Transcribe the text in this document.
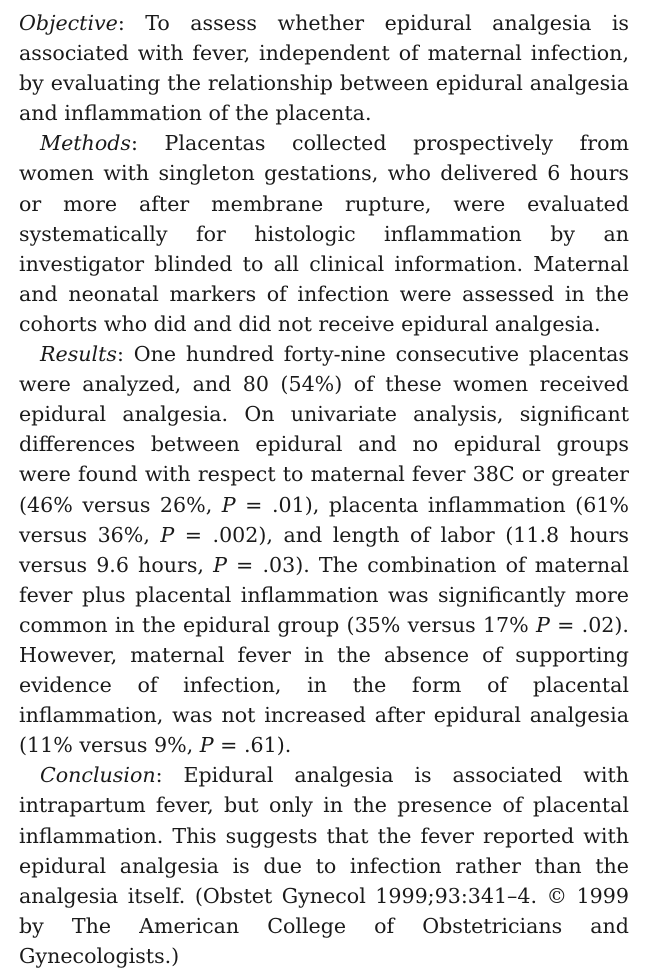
Objective: To assess whether epidural analgesia is associated with fever, independent of maternal infection, by evaluating the relationship between epidural analgesia and inflammation of the placenta.

Methods: Placentas collected prospectively from women with singleton gestations, who delivered 6 hours or more after membrane rupture, were evaluated systematically for histologic inflammation by an investigator blinded to all clinical information. Maternal and neonatal markers of infection were assessed in the cohorts who did and did not receive epidural analgesia.

Results: One hundred forty-nine consecutive placentas were analyzed, and 80 (54%) of these women received epidural analgesia. On univariate analysis, significant differences between epidural and no epidural groups were found with respect to maternal fever 38C or greater (46% versus 26%, P = .01), placenta inflammation (61% versus 36%, P = .002), and length of labor (11.8 hours versus 9.6 hours, P = .03). The combination of maternal fever plus placental inflammation was significantly more common in the epidural group (35% versus 17% P = .02). However, maternal fever in the absence of supporting evidence of infection, in the form of placental inflammation, was not increased after epidural analgesia (11% versus 9%, P = .61).

Conclusion: Epidural analgesia is associated with intrapartum fever, but only in the presence of placental inflammation. This suggests that the fever reported with epidural analgesia is due to infection rather than the analgesia itself. (Obstet Gynecol 1999;93:341–4. © 1999 by The American College of Obstetricians and Gynecologists.)
